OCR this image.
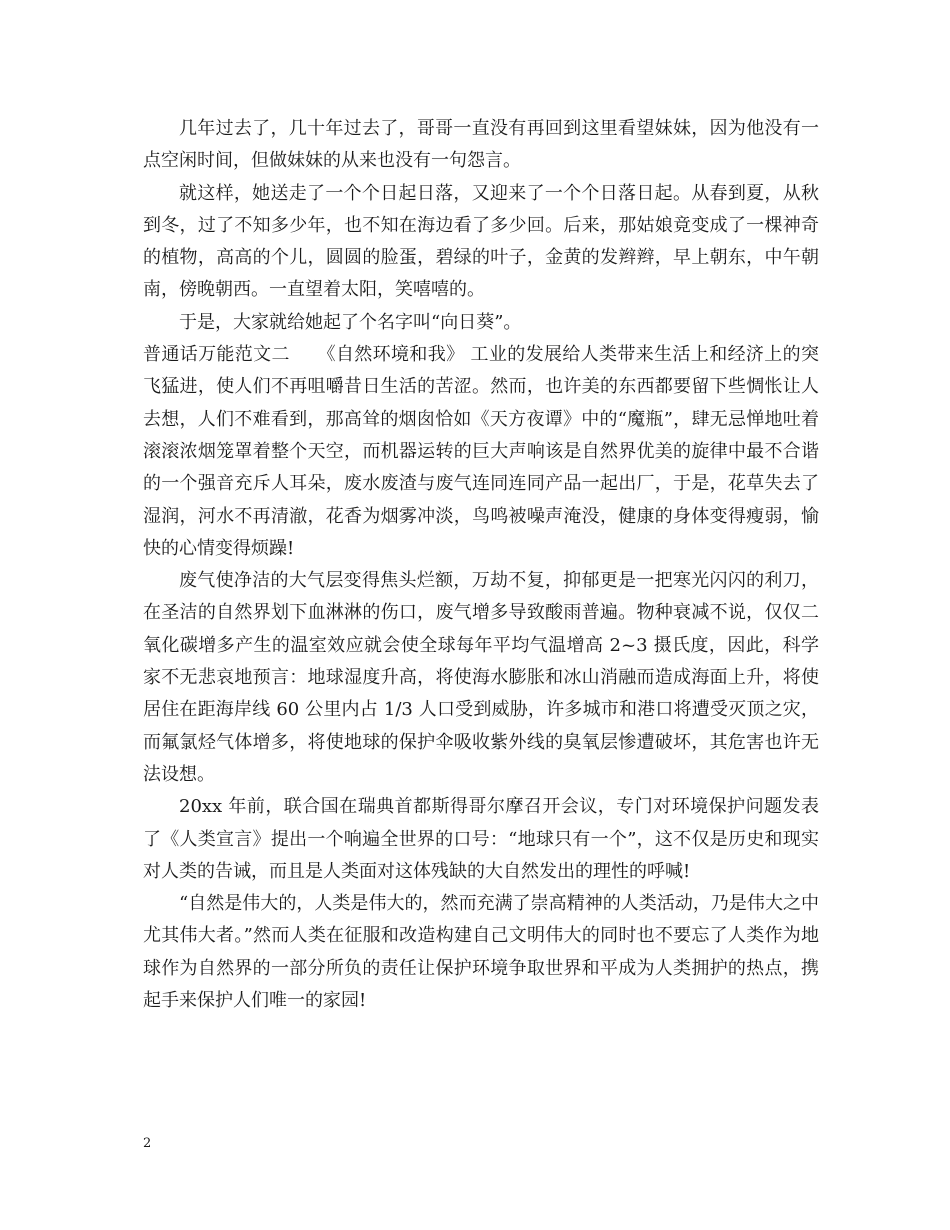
几年过去了，几十年过去了，哥哥一直没有再回到这里看望妹妹，因为他没有一点空闲时间，但做妹妹的从来也没有一句怨言。

就这样，她送走了一个个日起日落，又迎来了一个个日落日起。从春到夏，从秋到冬，过了不知多少年，也不知在海边看了多少回。后来，那姑娘竟变成了一棵神奇的植物，高高的个儿，圆圆的脸蛋，碧绿的叶子，金黄的发辫辫，早上朝东，中午朝南，傍晚朝西。一直望着太阳，笑嘻嘻的。

于是，大家就给她起了个名字叫“向日葵”。

普通话万能范文二　　《自然环境和我》 工业的发展给人类带来生活上和经济上的突飞猛进，使人们不再咀嚼昔日生活的苦涩。然而，也许美的东西都要留下些惆怅让人去想，人们不难看到，那高耸的烟囱恰如《天方夜谭》中的“魔瓶”，肆无忌惮地吐着滚滚浓烟笼罩着整个天空，而机器运转的巨大声响该是自然界优美的旋律中最不合谐的一个强音充斥人耳朵，废水废渣与废气连同连同产品一起出厂，于是，花草失去了湿润，河水不再清澈，花香为烟雾冲淡，鸟鸣被噪声淹没，健康的身体变得瘦弱，愉快的心情变得烦躁!

废气使净洁的大气层变得焦头烂额，万劫不复，抑郁更是一把寒光闪闪的利刀，在圣洁的自然界划下血淋淋的伤口，废气增多导致酸雨普遍。物种衰减不说，仅仅二氧化碳增多产生的温室效应就会使全球每年平均气温增高 2~3 摄氏度，因此，科学家不无悲哀地预言：地球湿度升高，将使海水膨胀和冰山消融而造成海面上升，将使居住在距海岸线 60 公里内占 1/3 人口受到威胁，许多城市和港口将遭受灭顶之灾，而氟氯烃气体增多，将使地球的保护伞吸收紫外线的臭氧层惨遭破坏，其危害也许无法设想。

20xx 年前，联合国在瑞典首都斯得哥尔摩召开会议，专门对环境保护问题发表了《人类宣言》提出一个响遍全世界的口号：“地球只有一个”，这不仅是历史和现实对人类的告诫，而且是人类面对这体残缺的大自然发出的理性的呼喊!

“自然是伟大的，人类是伟大的，然而充满了崇高精神的人类活动，乃是伟大之中尤其伟大者。”然而人类在征服和改造构建自己文明伟大的同时也不要忘了人类作为地球作为自然界的一部分所负的责任让保护环境争取世界和平成为人类拥护的热点，携起手来保护人们唯一的家园!

2
